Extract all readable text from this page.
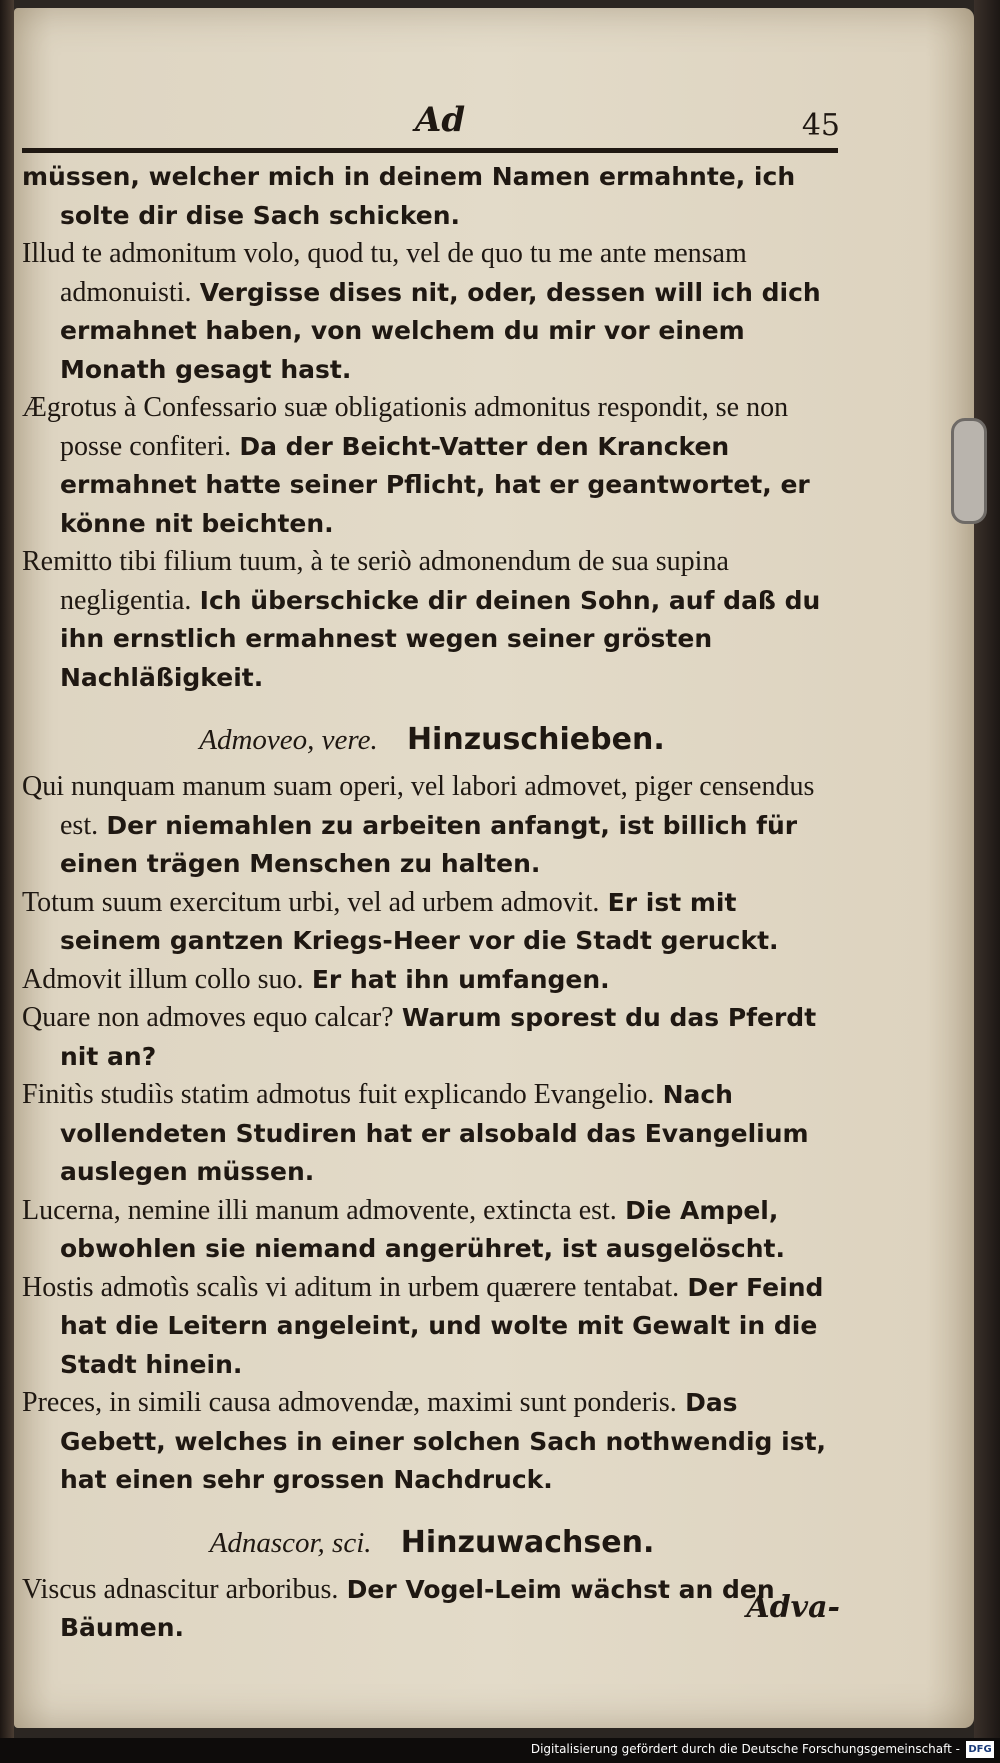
Ad	45

müssen, welcher mich in deinem Namen ermahnte, ich solte dir dise Sach schicken.

Illud te admonitum volo, quod tu, vel de quo tu me ante mensam admonuisti. Vergisse dises nit, oder, dessen will ich dich ermahnet haben, von welchem du mir vor einem Monath gesagt hast.

Ægrotus à Confessario suæ obligationis admonitus respondit, se non posse confiteri. Da der Beicht-Vatter den Krancken ermahnet hatte seiner Pflicht, hat er geantwortet, er könne nit beichten.

Remitto tibi filium tuum, à te seriò admonendum de sua supina negligentia. Ich überschicke dir deinen Sohn, auf daß du ihn ernstlich ermahnest wegen seiner grösten Nachläßigkeit.

Admoveo, vere. Hinzuschieben.

Qui nunquam manum suam operi, vel labori admovet, piger censendus est. Der niemahlen zu arbeiten anfangt, ist billich für einen trägen Menschen zu halten.

Totum suum exercitum urbi, vel ad urbem admovit. Er ist mit seinem gantzen Kriegs-Heer vor die Stadt geruckt.

Admovit illum collo suo. Er hat ihn umfangen.

Quare non admoves equo calcar? Warum sporest du das Pferdt nit an?

Finitìs studiìs statim admotus fuit explicando Evangelio. Nach vollendeten Studiren hat er alsobald das Evangelium auslegen müssen.

Lucerna, nemine illi manum admovente, extincta est. Die Ampel, obwohlen sie niemand angerühret, ist ausgelöscht.

Hostis admotìs scalìs vi aditum in urbem quærere tentabat. Der Feind hat die Leitern angeleint, und wolte mit Gewalt in die Stadt hinein.

Preces, in simili causa admovendæ, maximi sunt ponderis. Das Gebett, welches in einer solchen Sach nothwendig ist, hat einen sehr grossen Nachdruck.

Adnascor, sci. Hinzuwachsen.

Viscus adnascitur arboribus. Der Vogel-Leim wächst an den Bäumen.

Adva-
Digitalisierung gefördert durch die Deutsche Forschungsgemeinschaft - DFG
